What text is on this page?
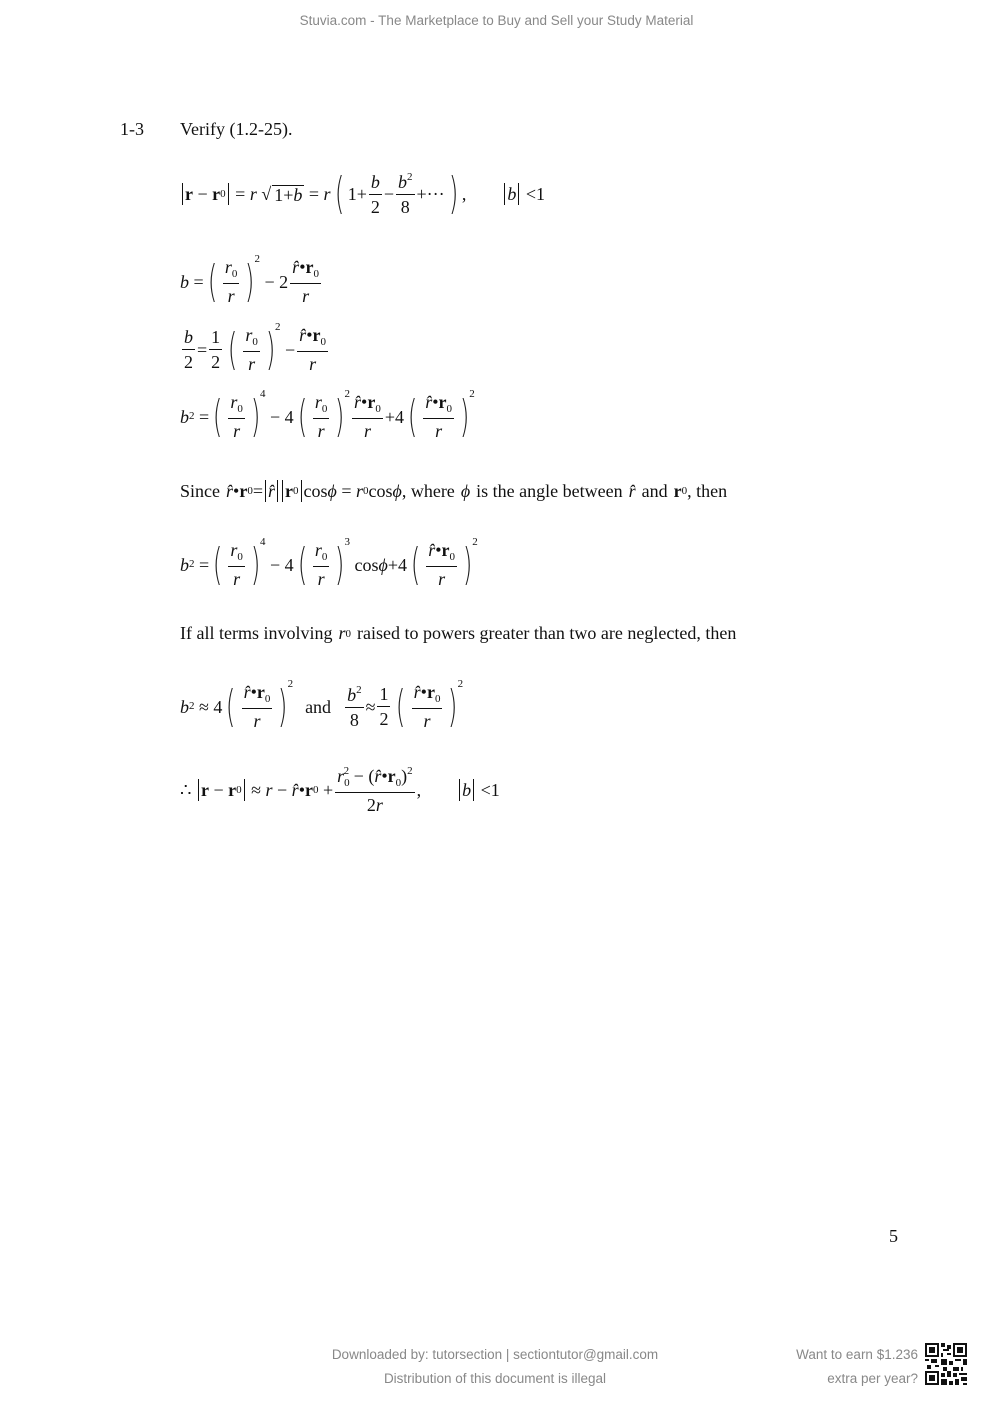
Stuvia.com - The Marketplace to Buy and Sell your Study Material
1-3 Verify (1.2-25).
r − r 0 = r √ 1+b = r ( $1+ \frac{b}{2} - \frac{b^2}{8}$ +··· ) , b <1
b = ( $\frac{r_0}{r}$ ) 2
− $2 \frac{r̂•r_0}{r}$
$\frac{b}{2} = \frac{1}{2}$ ( $\frac{r_0}{r}$ ) 2
− $\frac{r̂•r_0}{r}$
b 2 = ( $\frac{r_0}{r}$ ) 4
− 4 ( $\frac{r_0}{r}$ ) $2 \frac{r̂•r_0}{r} +4$ ( $\frac{r̂•r_0}{r}$ ) 2
Since r̂ • r 0 = r̂ r 0 cos ϕ = r 0 cos ϕ , where ϕ is the angle between r̂ and r 0 , then
b 2 = ( $\frac{r_0}{r}$ ) 4
− 4 ( $\frac{r_0}{r}$ ) 3
cos ϕ +4 ( $\frac{r̂•r_0}{r}$ ) 2
If all terms involving r 0 raised to powers greater than two are neglected, then
b 2 ≈ 4 ( $\frac{r̂•r_0}{r}$ ) 2
and $\frac{b^2}{8} \approx \frac{1}{2}$ ( $\frac{r̂•r_0}{r}$ ) 2
∴ r − r 0 ≈ r − r̂ • r $0 + \frac{r_0^2 - (r̂•r_0)^2}{2r}$ , b <1
5
Downloaded by: tutorsection | sectiontutor@gmail.com
Distribution of this document is illegal
Want to earn $1.236
extra per year?
